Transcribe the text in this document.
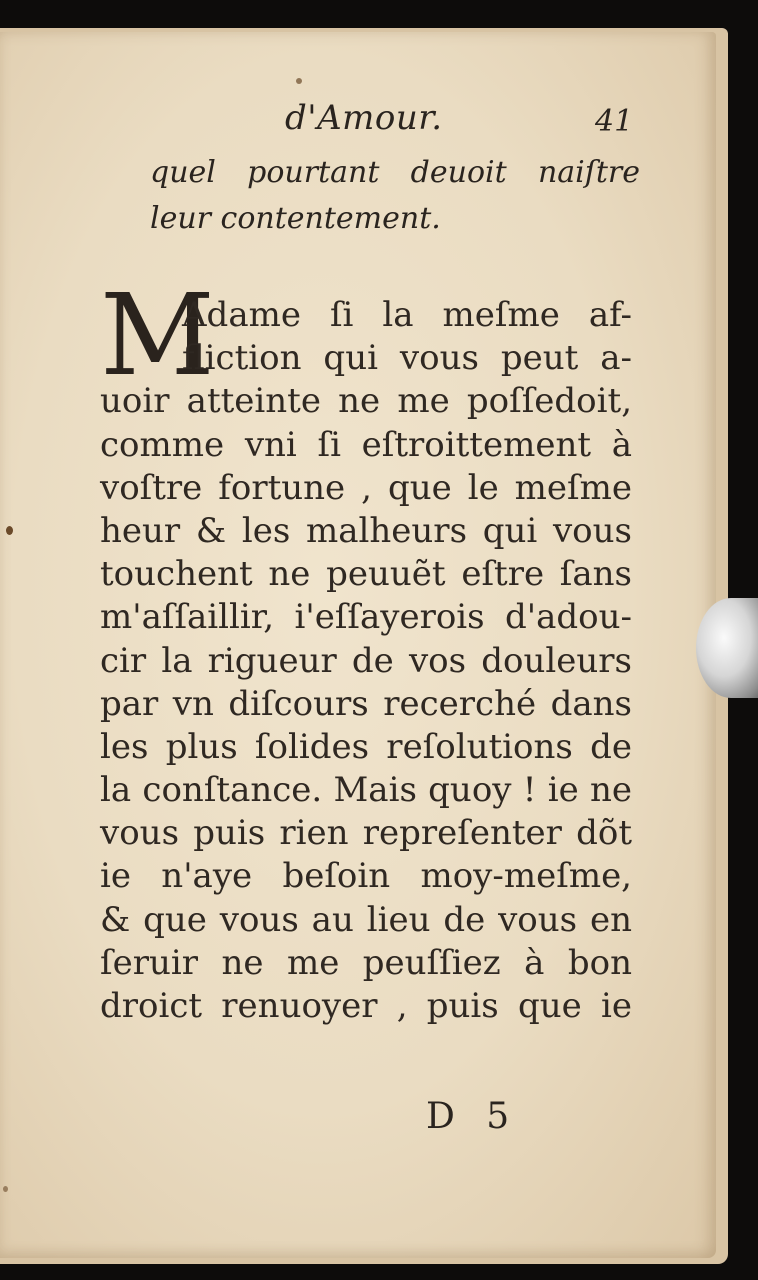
d'Amour.	41
quel pourtant deuoit naiſtre
leur contentement.
M
Adame ſi la meſme af-
fliction qui vous peut a-
uoir atteinte ne me poſſedoit,
comme vni ſi eſtroittement à
voſtre fortune , que le meſme
heur & les malheurs qui vous
touchent ne peuuẽt eſtre ſans
m'aſſaillir, i'eſſayerois d'adou-
cir la rigueur de vos douleurs
par vn diſcours recerché dans
les plus ſolides reſolutions de
la conſtance. Mais quoy ! ie ne
vous puis rien repreſenter dõt
ie n'aye beſoin moy-meſme,
& que vous au lieu de vous en
ſeruir ne me peuſſiez à bon
droict renuoyer , puis que ie
D 5
